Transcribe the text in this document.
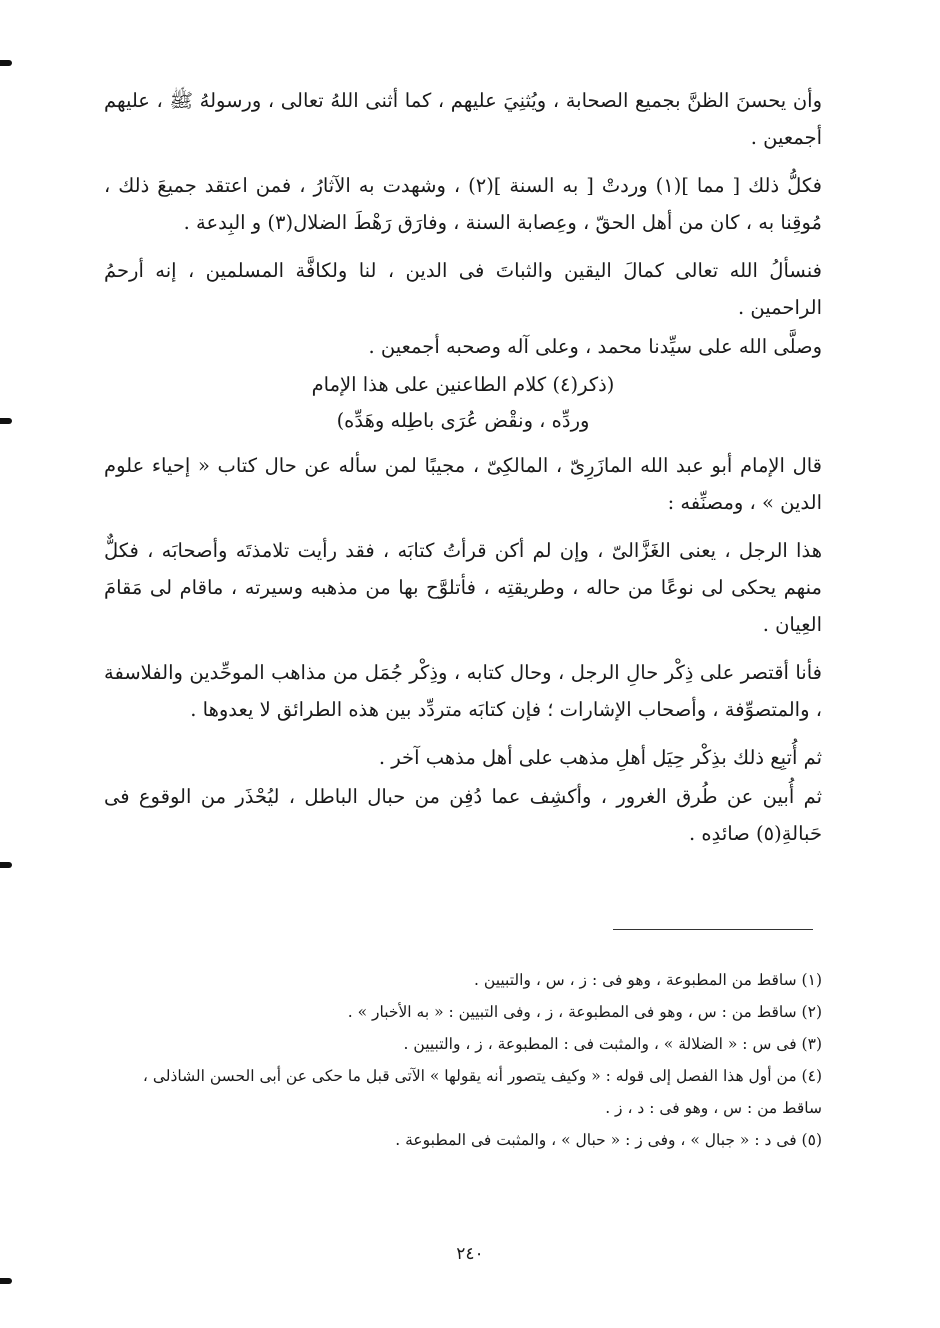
وأن يحسنَ الظنَّ بجميع الصحابة ، ويُثنِيَ عليهم ، كما أثنى اللهُ تعالى ، ورسولهُ ﷺ ، عليهم أجمعين .

فكلُّ ذلك [ مما ](١) وردتْ [ به السنة ](٢) ، وشهدت به الآثارُ ، فمن اعتقد جميعَ ذلك ، مُوقِنا به ، كان من أهل الحقّ ، وعِصابة السنة ، وفارَق رَهْطَ الضلال(٣) و البِدعة .

فنسألُ الله تعالى كمالَ اليقين والثباتَ فى الدين ، لنا ولكافَّة المسلمين ، إنه أرحمُ الراحمين .

وصلَّى الله على سيِّدنا محمد ، وعلى آله وصحبه أجمعين .

(ذكر(٤) كلام الطاعنين على هذا الإمام
وردِّه ، ونقْض عُرَى باطِله وهَدِّه)

قال الإمام أبو عبد الله المازَرِىّ ، المالكِىّ ، مجيبًا لمن سأله عن حال كتاب « إحياء علوم الدين » ، ومصنِّفه :

هذا الرجل ، يعنى الغَزَّالىّ ، وإن لم أكن قرأتُ كتابَه ، فقد رأيت تلامذتَه وأصحابَه ، فكلٌّ منهم يحكى لى نوعًا من حاله ، وطريقتِه ، فأتلوَّح بها من مذهبه وسيرته ، ماقام لى مَقامَ العِيان .

فأنا أقتصر على ذِكْر حالِ الرجل ، وحال كتابه ، وذِكْر جُمَل من مذاهب الموحِّدين والفلاسفة ، والمتصوِّفة ، وأصحاب الإشارات ؛ فإن كتابَه متردِّد بين هذه الطرائق لا يعدوها .

ثم أُتبِع ذلك بذِكْر حِيَل أهلِ مذهب على أهل مذهب آخر .

ثم أُبين عن طُرق الغرور ، وأكشِف عما دُفِن من حبال الباطل ، ليُحْذَر من الوقوع فى حَبالةِ(٥) صائدِه .

(١) ساقط من المطبوعة ، وهو فى : ز ، س ، والتبيين .

(٢) ساقط من : س ، وهو فى المطبوعة ، ز ، وفى التبيين : « به الأخبار » .

(٣) فى س : « الضلالة » ، والمثبت فى : المطبوعة ، ز ، والتبيين .

(٤) من أول هذا الفصل إلى قوله : « وكيف يتصور أنه يقولها » الآتى قبل ما حكى عن أبى الحسن الشاذلى ، ساقط من : س ، وهو فى : د ، ز .

(٥) فى د : « جبال » ، وفى ز : « حبال » ، والمثبت فى المطبوعة .

٢٤٠
